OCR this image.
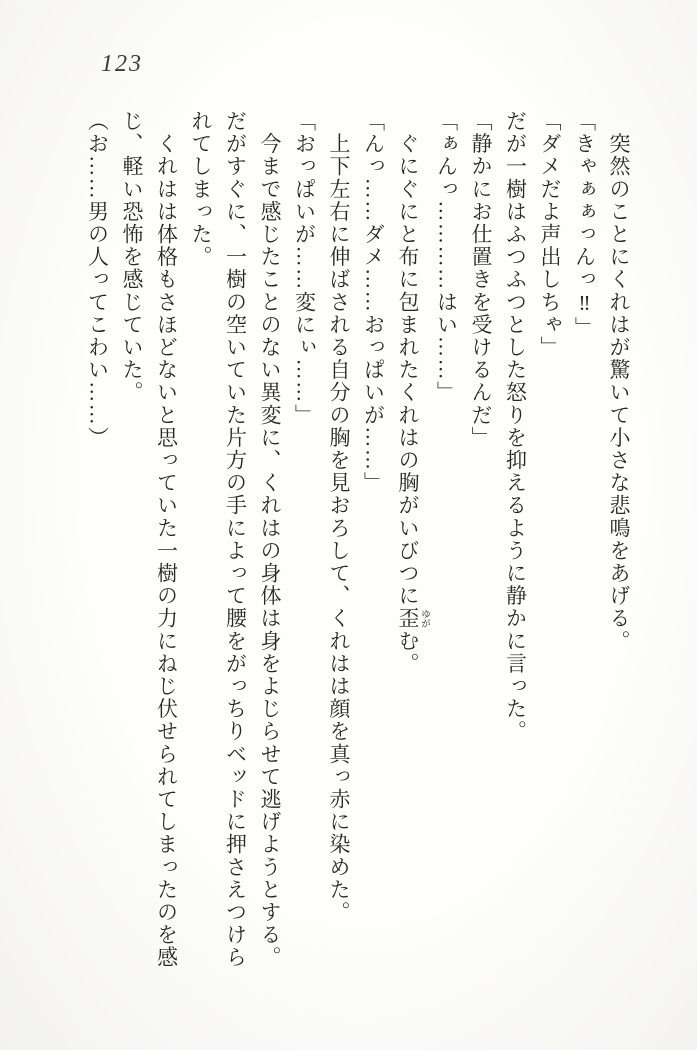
123
　突然のことにくれはが驚いて小さな悲鳴をあげる。
「きゃぁぁっんっ‼」
「ダメだよ声出しちゃ」
だが一樹はふつふつとした怒りを抑えるように静かに言った。
「静かにお仕置きを受けるんだ」
「ぁんっ…………はい……」
　ぐにぐにと布に包まれたくれはの胸がいびつに歪 ゆがむ。
「んっ……ダメ……おっぱいが……」
　上下左右に伸ばされる自分の胸を見おろして、くれはは顔を真っ赤に染めた。
「おっぱいが……変にぃ……」
　今まで感じたことのない異変に、くれはの身体は身をよじらせて逃げようとする。
だがすぐに、一樹の空いていた片方の手によって腰をがっちりベッドに押さえつけら
れてしまった。
　くれはは体格もさほどないと思っていた一樹の力にねじ伏せられてしまったのを感
じ、軽い恐怖を感じていた。
（お……男の人ってこわい……）
